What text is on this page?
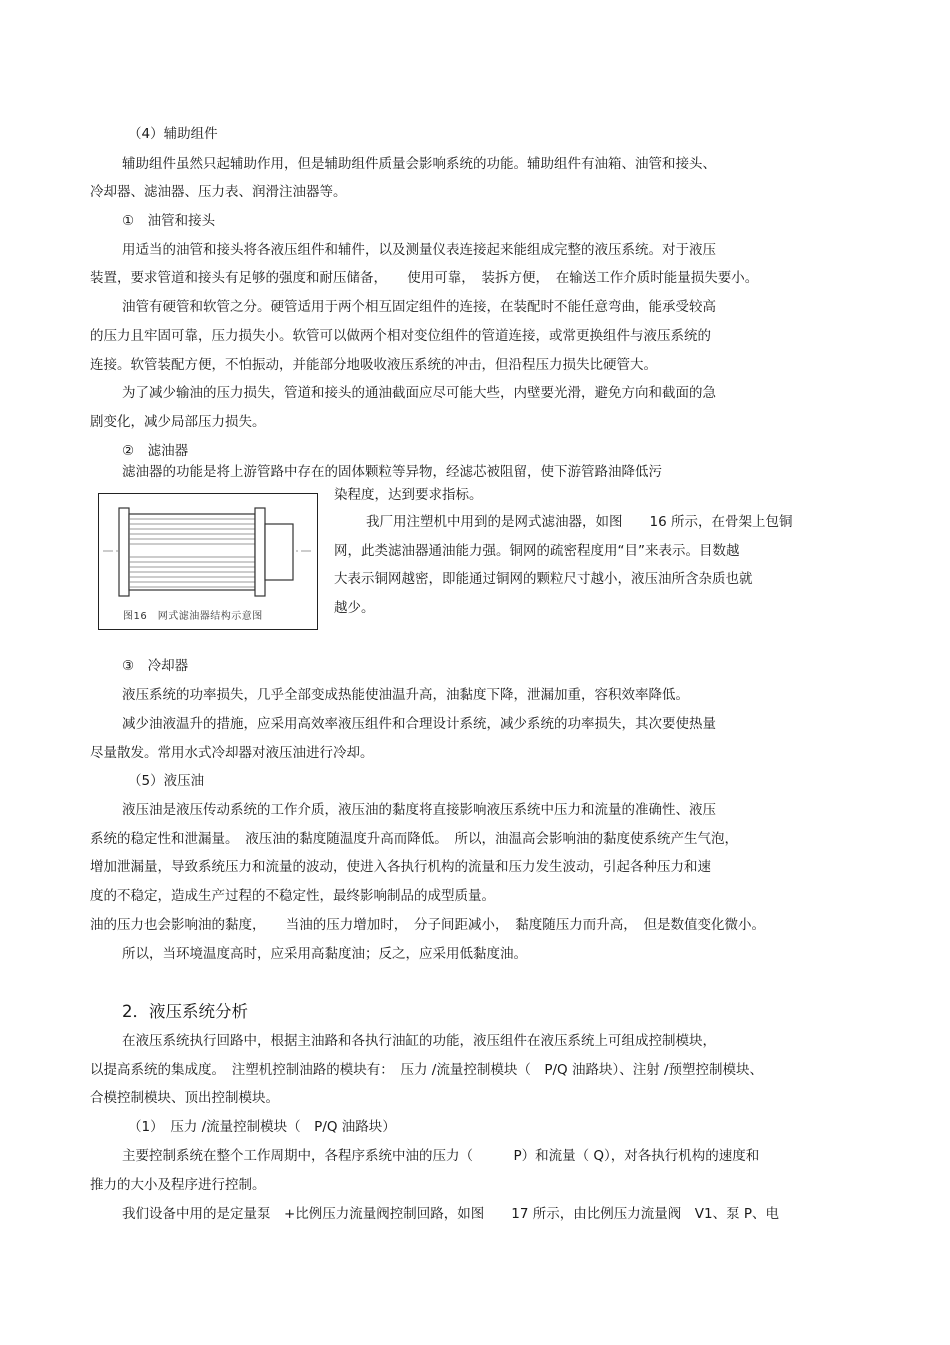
（4）辅助组件
辅助组件虽然只起辅助作用，但是辅助组件质量会影响系统的功能。辅助组件有油箱、油管和接头、
冷却器、滤油器、压力表、润滑注油器等。
①　油管和接头
用适当的油管和接头将各液压组件和辅件，以及测量仪表连接起来能组成完整的液压系统。对于液压
装置，要求管道和接头有足够的强度和耐压储备，　　使用可靠，　装拆方便，　在输送工作介质时能量损失要小。
油管有硬管和软管之分。硬管适用于两个相互固定组件的连接，在装配时不能任意弯曲，能承受较高
的压力且牢固可靠，压力损失小。软管可以做两个相对变位组件的管道连接，或常更换组件与液压系统的
连接。软管装配方便，不怕振动，并能部分地吸收液压系统的冲击，但沿程压力损失比硬管大。
为了减少输油的压力损失，管道和接头的通油截面应尽可能大些，内壁要光滑，避免方向和截面的急
剧变化，减少局部压力损失。
②　滤油器
滤油器的功能是将上游管路中存在的固体颗粒等异物，经滤芯被阻留，使下游管路油降低污
染程度，达到要求指标。
我厂用注塑机中用到的是网式滤油器，如图　　16 所示，在骨架上包铜
网，此类滤油器通油能力强。铜网的疏密程度用“目”来表示。目数越
大表示铜网越密，即能通过铜网的颗粒尺寸越小，液压油所含杂质也就
越少。
图16　网式滤油器结构示意图
③　冷却器
液压系统的功率损失，几乎全部变成热能使油温升高，油黏度下降，泄漏加重，容积效率降低。
减少油液温升的措施，应采用高效率液压组件和合理设计系统，减少系统的功率损失，其次要使热量
尽量散发。常用水式冷却器对液压油进行冷却。
（5）液压油
液压油是液压传动系统的工作介质，液压油的黏度将直接影响液压系统中压力和流量的准确性、液压
系统的稳定性和泄漏量。　液压油的黏度随温度升高而降低。　所以，油温高会影响油的黏度使系统产生气泡，
增加泄漏量，导致系统压力和流量的波动，使进入各执行机构的流量和压力发生波动，引起各种压力和速
度的不稳定，造成生产过程的不稳定性，最终影响制品的成型质量。
油的压力也会影响油的黏度，　　当油的压力增加时，　分子间距减小，　黏度随压力而升高，　但是数值变化微小。
所以，当环境温度高时，应采用高黏度油；反之，应采用低黏度油。
2．液压系统分析
在液压系统执行回路中，根据主油路和各执行油缸的功能，液压组件在液压系统上可组成控制模块，
以提高系统的集成度。　注塑机控制油路的模块有：　压力 /流量控制模块（　P/Q 油路块）、注射 /预塑控制模块、
合模控制模块、顶出控制模块。
（1）　压力 /流量控制模块（　P/Q 油路块）
主要控制系统在整个工作周期中，各程序系统中油的压力（　　　P）和流量（ Q），对各执行机构的速度和
推力的大小及程序进行控制。
我们设备中用的是定量泵　+比例压力流量阀控制回路，如图　　17 所示，由比例压力流量阀　V1、泵 P、电
